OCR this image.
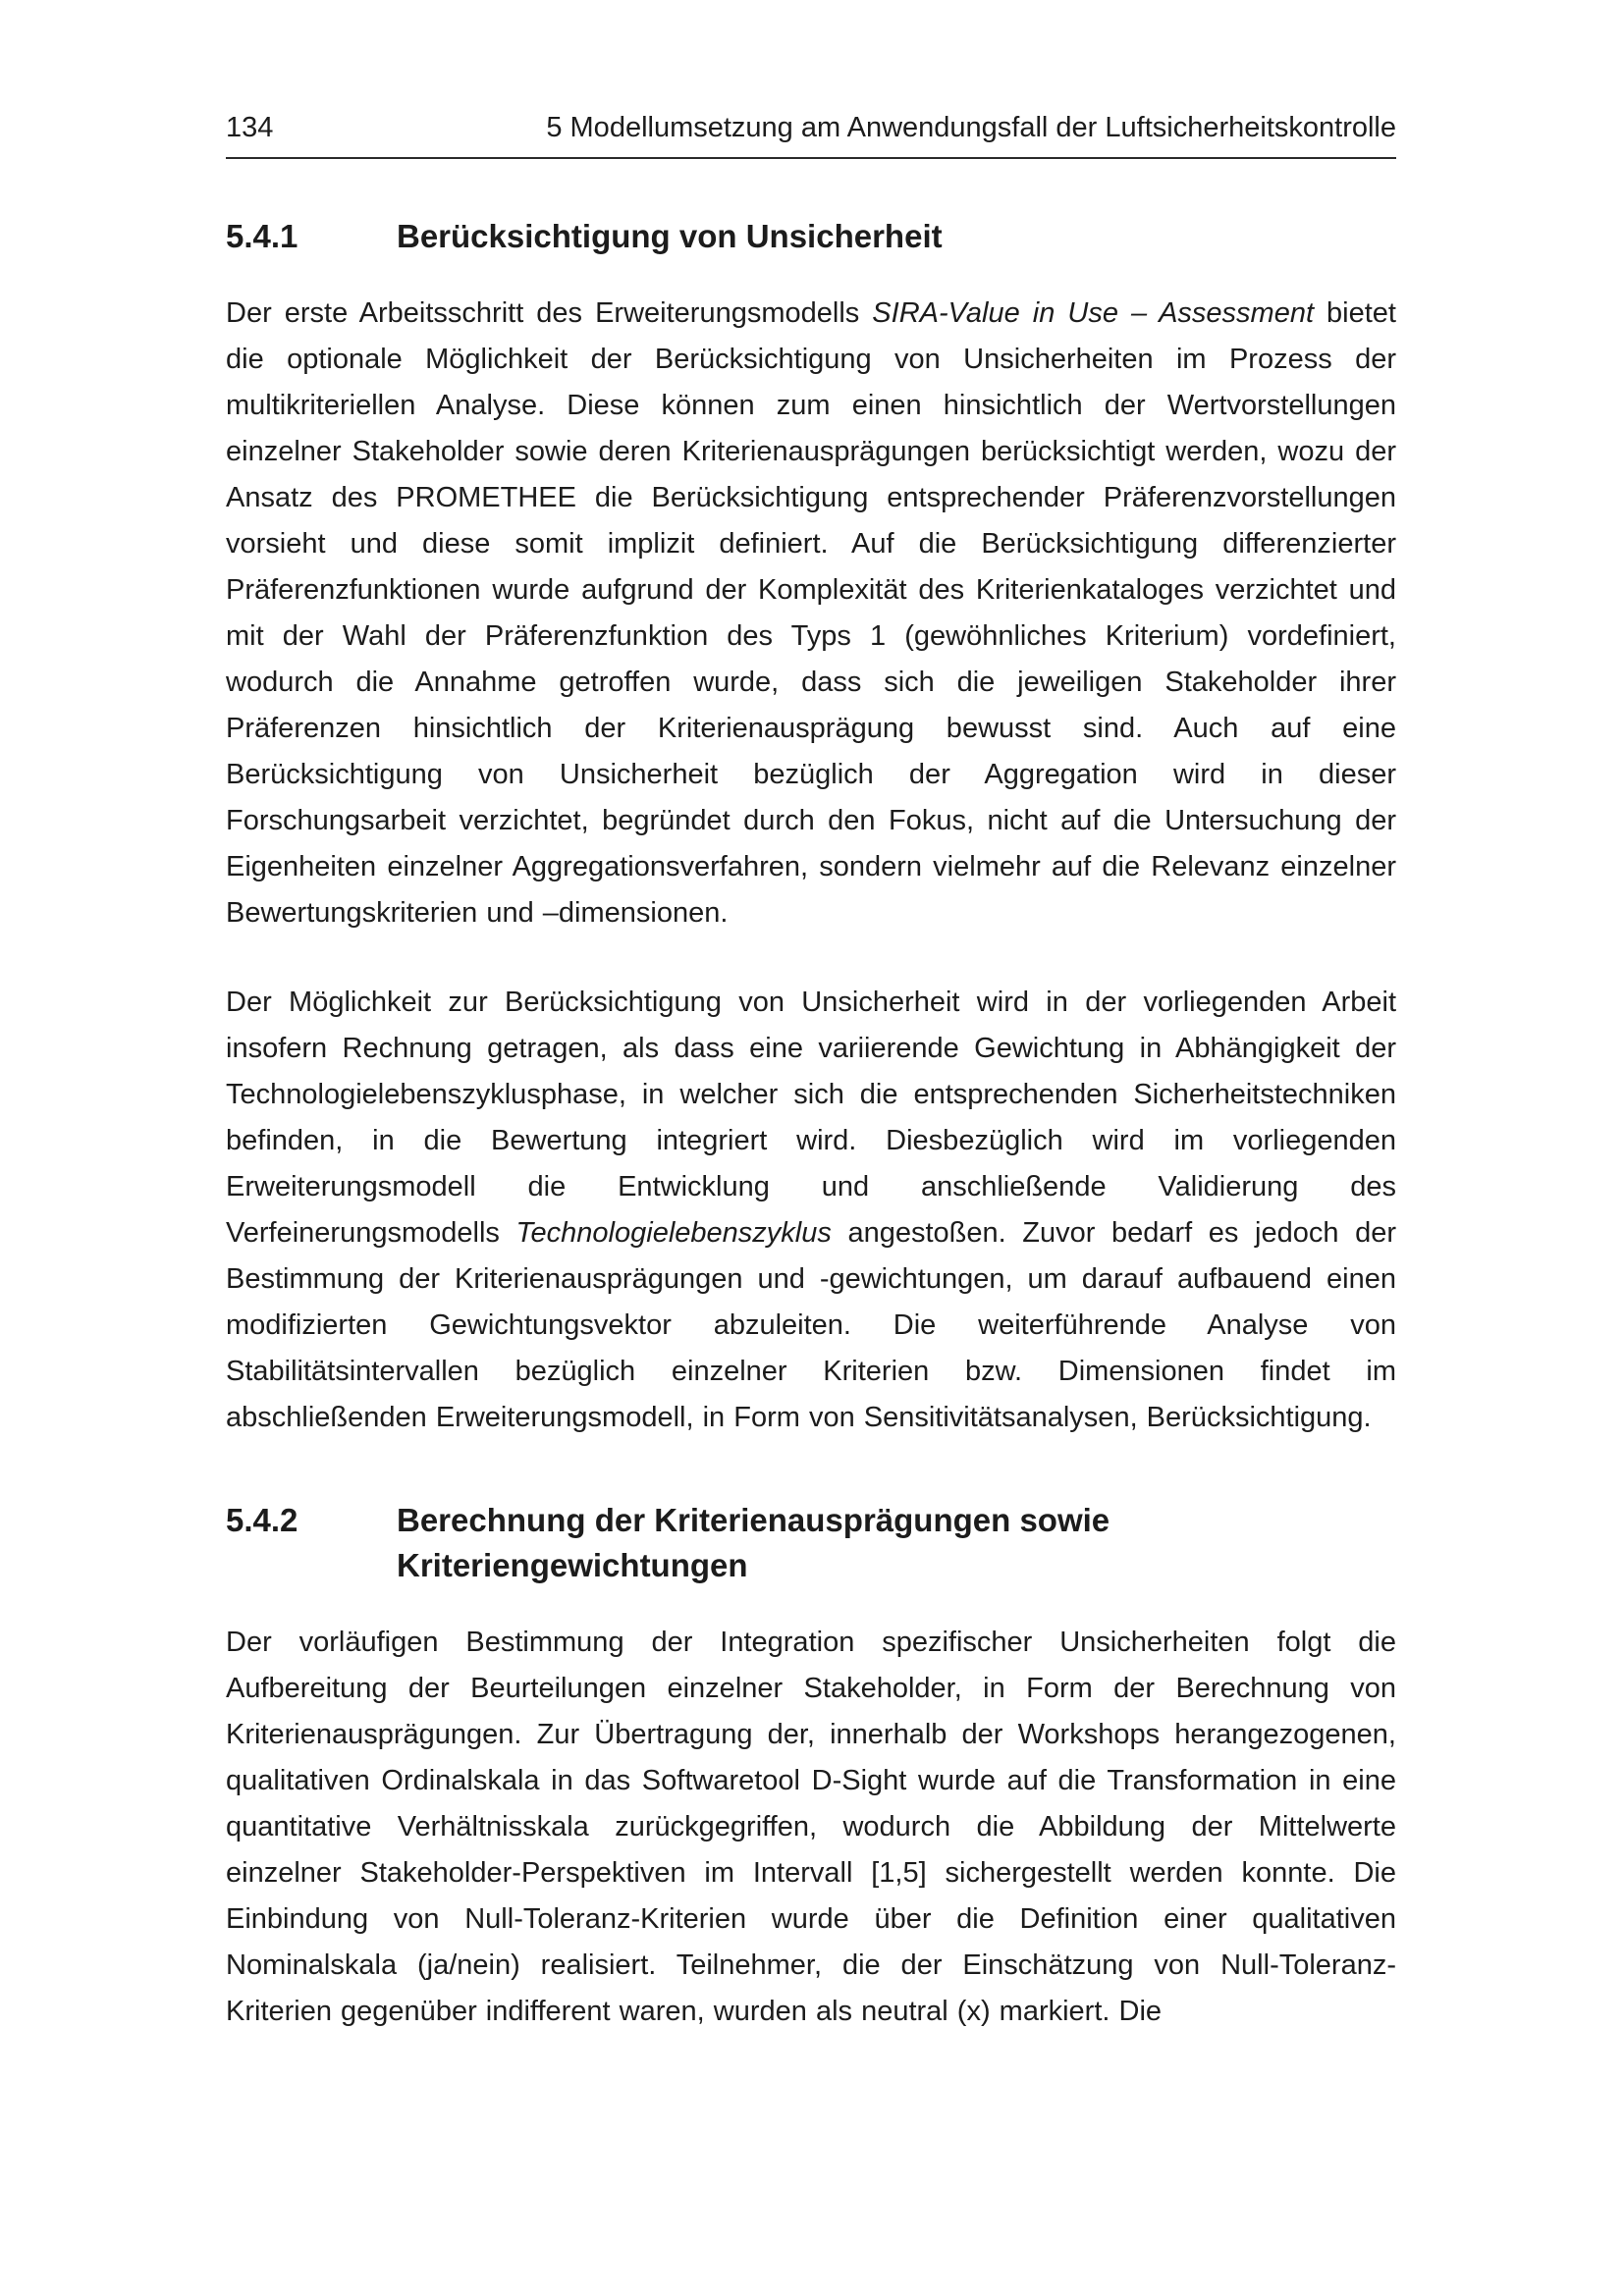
134	5 Modellumsetzung am Anwendungsfall der Luftsicherheitskontrolle
5.4.1	Berücksichtigung von Unsicherheit

Der erste Arbeitsschritt des Erweiterungsmodells SIRA-Value in Use – Assessment bietet die optionale Möglichkeit der Berücksichtigung von Unsicherheiten im Prozess der multikriteriellen Analyse. Diese können zum einen hinsichtlich der Wertvorstellungen einzelner Stakeholder sowie deren Kriterienausprägungen berücksichtigt werden, wozu der Ansatz des PROMETHEE die Berücksichtigung entsprechender Präferenzvorstellungen vorsieht und diese somit implizit definiert. Auf die Berücksichtigung differenzierter Präferenzfunktionen wurde aufgrund der Komplexität des Kriterienkataloges verzichtet und mit der Wahl der Präferenzfunktion des Typs 1 (gewöhnliches Kriterium) vordefiniert, wodurch die Annahme getroffen wurde, dass sich die jeweiligen Stakeholder ihrer Präferenzen hinsichtlich der Kriterienausprägung bewusst sind. Auch auf eine Berücksichtigung von Unsicherheit bezüglich der Aggregation wird in dieser Forschungsarbeit verzichtet, begründet durch den Fokus, nicht auf die Untersuchung der Eigenheiten einzelner Aggregationsverfahren, sondern vielmehr auf die Relevanz einzelner Bewertungskriterien und –dimensionen.

Der Möglichkeit zur Berücksichtigung von Unsicherheit wird in der vorliegenden Arbeit insofern Rechnung getragen, als dass eine variierende Gewichtung in Abhängigkeit der Technologielebenszyklusphase, in welcher sich die entsprechenden Sicherheitstechniken befinden, in die Bewertung integriert wird. Diesbezüglich wird im vorliegenden Erweiterungsmodell die Entwicklung und anschließende Validierung des Verfeinerungsmodells Technologielebenszyklus angestoßen. Zuvor bedarf es jedoch der Bestimmung der Kriterienausprägungen und -gewichtungen, um darauf aufbauend einen modifizierten Gewichtungsvektor abzuleiten. Die weiterführende Analyse von Stabilitätsintervallen bezüglich einzelner Kriterien bzw. Dimensionen findet im abschließenden Erweiterungsmodell, in Form von Sensitivitätsanalysen, Berücksichtigung.

5.4.2	Berechnung der Kriterienausprägungen sowie
Kriteriengewichtungen

Der vorläufigen Bestimmung der Integration spezifischer Unsicherheiten folgt die Aufbereitung der Beurteilungen einzelner Stakeholder, in Form der Berechnung von Kriterienausprägungen. Zur Übertragung der, innerhalb der Workshops herangezogenen, qualitativen Ordinalskala in das Softwaretool D-Sight wurde auf die Transformation in eine quantitative Verhältnisskala zurückgegriffen, wodurch die Abbildung der Mittelwerte einzelner Stakeholder-Perspektiven im Intervall [1,5] sichergestellt werden konnte. Die Einbindung von Null-Toleranz-Kriterien wurde über die Definition einer qualitativen Nominalskala (ja/nein) realisiert. Teilnehmer, die der Einschätzung von Null-Toleranz-Kriterien gegenüber indifferent waren, wurden als neutral (x) markiert. Die
